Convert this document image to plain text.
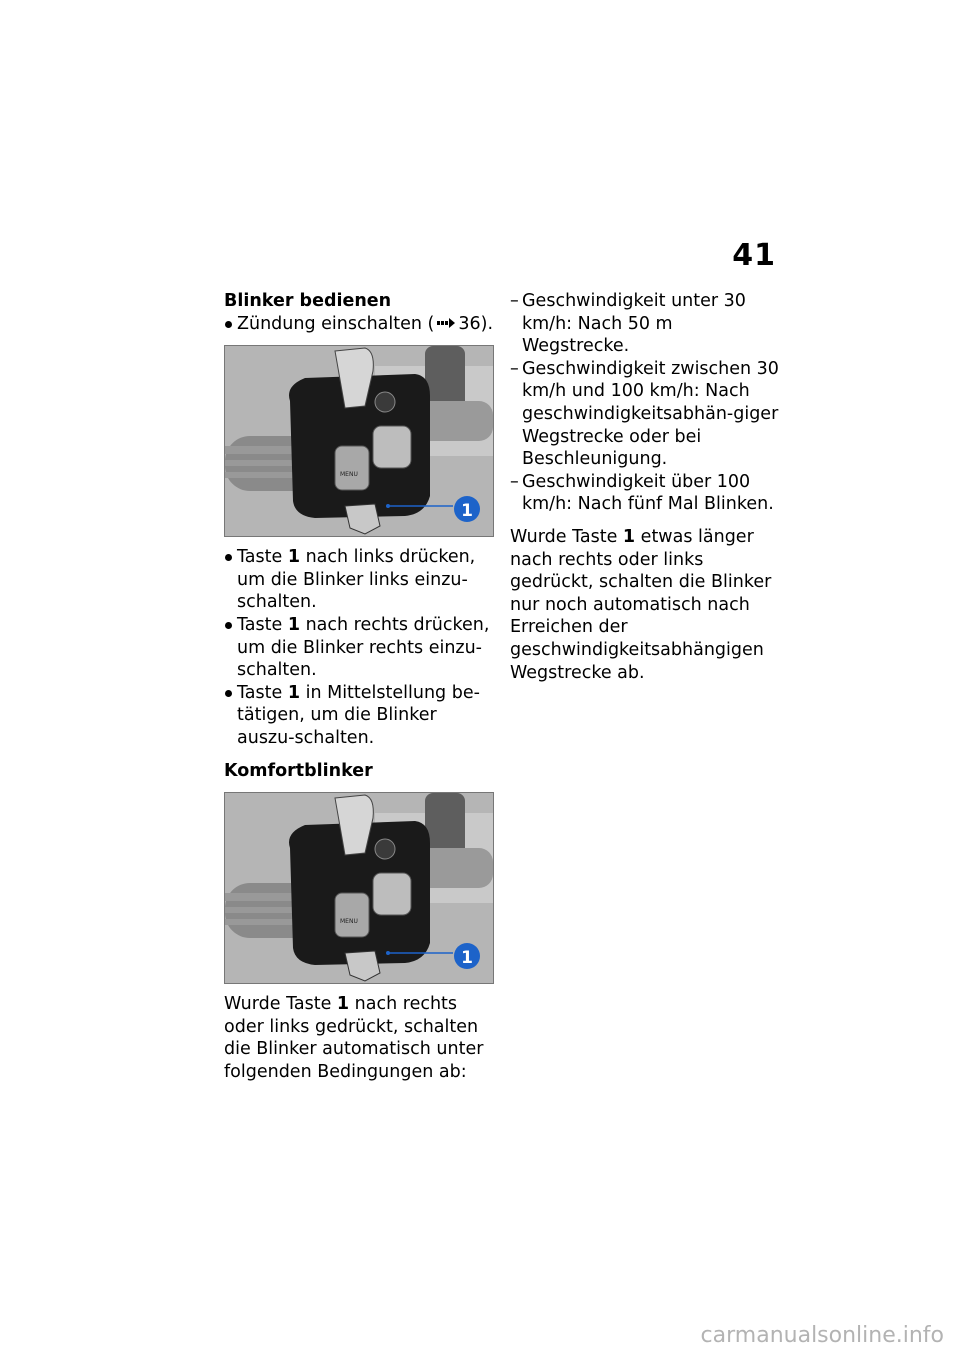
41

Blinker bedienen

Zündung einschalten ( 36).

MENU
1

Taste 1 nach links drücken, um die Blinker links einzu-schalten.

Taste 1 nach rechts drücken, um die Blinker rechts einzu-schalten.

Taste 1 in Mittelstellung be-tätigen, um die Blinker auszu-schalten.

Komfortblinker

MENU
1

Wurde Taste 1 nach rechts oder links gedrückt, schalten die Blinker automatisch unter folgenden Bedingungen ab:

– Geschwindigkeit unter 30 km/h: Nach 50 m Wegstrecke.

– Geschwindigkeit zwischen 30 km/h und 100 km/h: Nach geschwindigkeitsabhän-giger Wegstrecke oder bei Beschleunigung.

– Geschwindigkeit über 100 km/h: Nach fünf Mal Blinken.

Wurde Taste 1 etwas länger nach rechts oder links gedrückt, schalten die Blinker nur noch automatisch nach Erreichen der geschwindigkeitsabhängigen Wegstrecke ab.

carmanualsonline.info
